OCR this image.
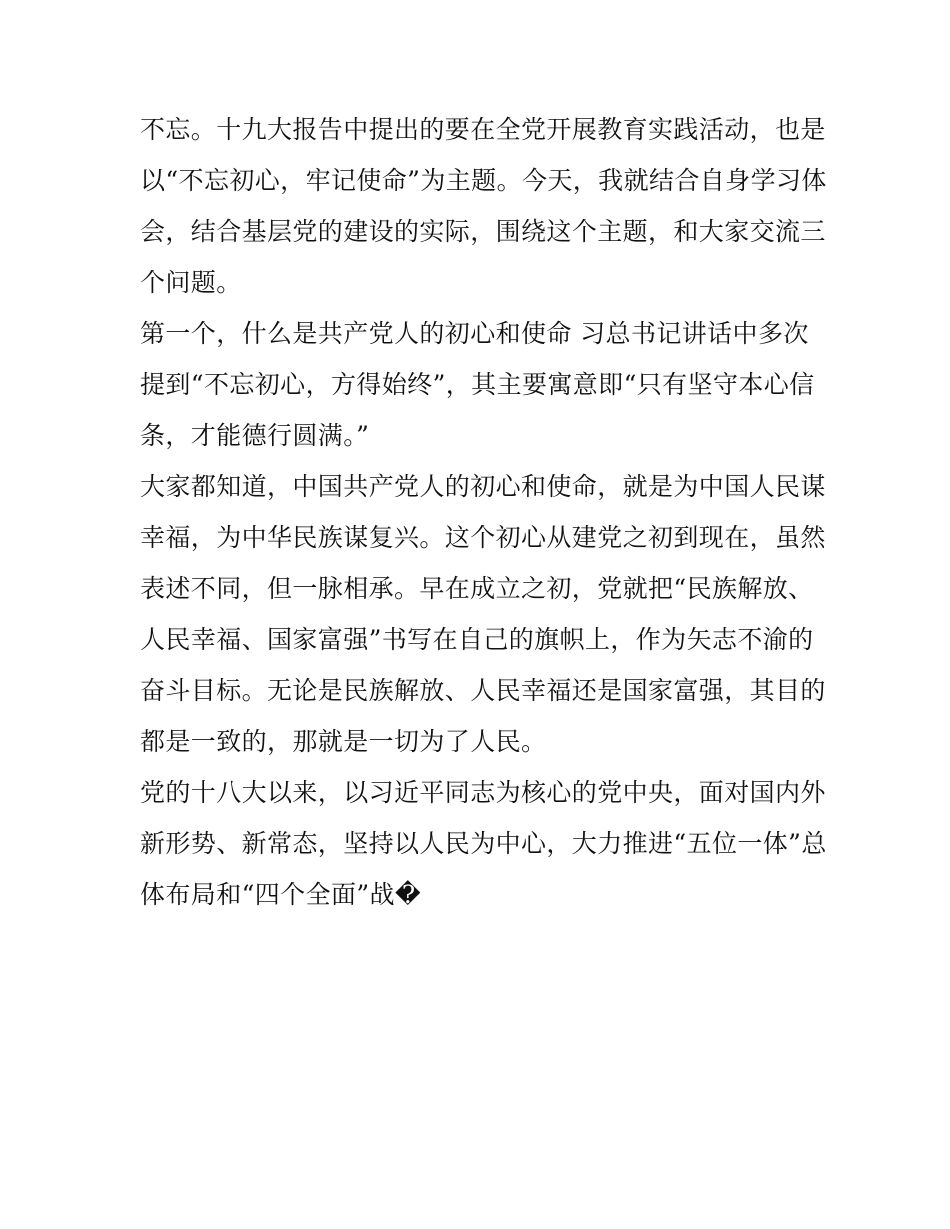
不忘。十九大报告中提出的要在全党开展教育实践活动，也是
以“不忘初心，牢记使命”为主题。今天，我就结合自身学习体
会，结合基层党的建设的实际，围绕这个主题，和大家交流三
个问题。
第一个，什么是共产党人的初心和使命 习总书记讲话中多次
提到“不忘初心，方得始终”，其主要寓意即“只有坚守本心信
条，才能德行圆满。”
大家都知道，中国共产党人的初心和使命，就是为中国人民谋
幸福，为中华民族谋复兴。这个初心从建党之初到现在，虽然
表述不同，但一脉相承。早在成立之初，党就把“民族解放、
人民幸福、国家富强”书写在自己的旗帜上，作为矢志不渝的
奋斗目标。无论是民族解放、人民幸福还是国家富强，其目的
都是一致的，那就是一切为了人民。
党的十八大以来，以习近平同志为核心的党中央，面对国内外
新形势、新常态，坚持以人民为中心，大力推进“五位一体”总
体布局和“四个全面”战�
